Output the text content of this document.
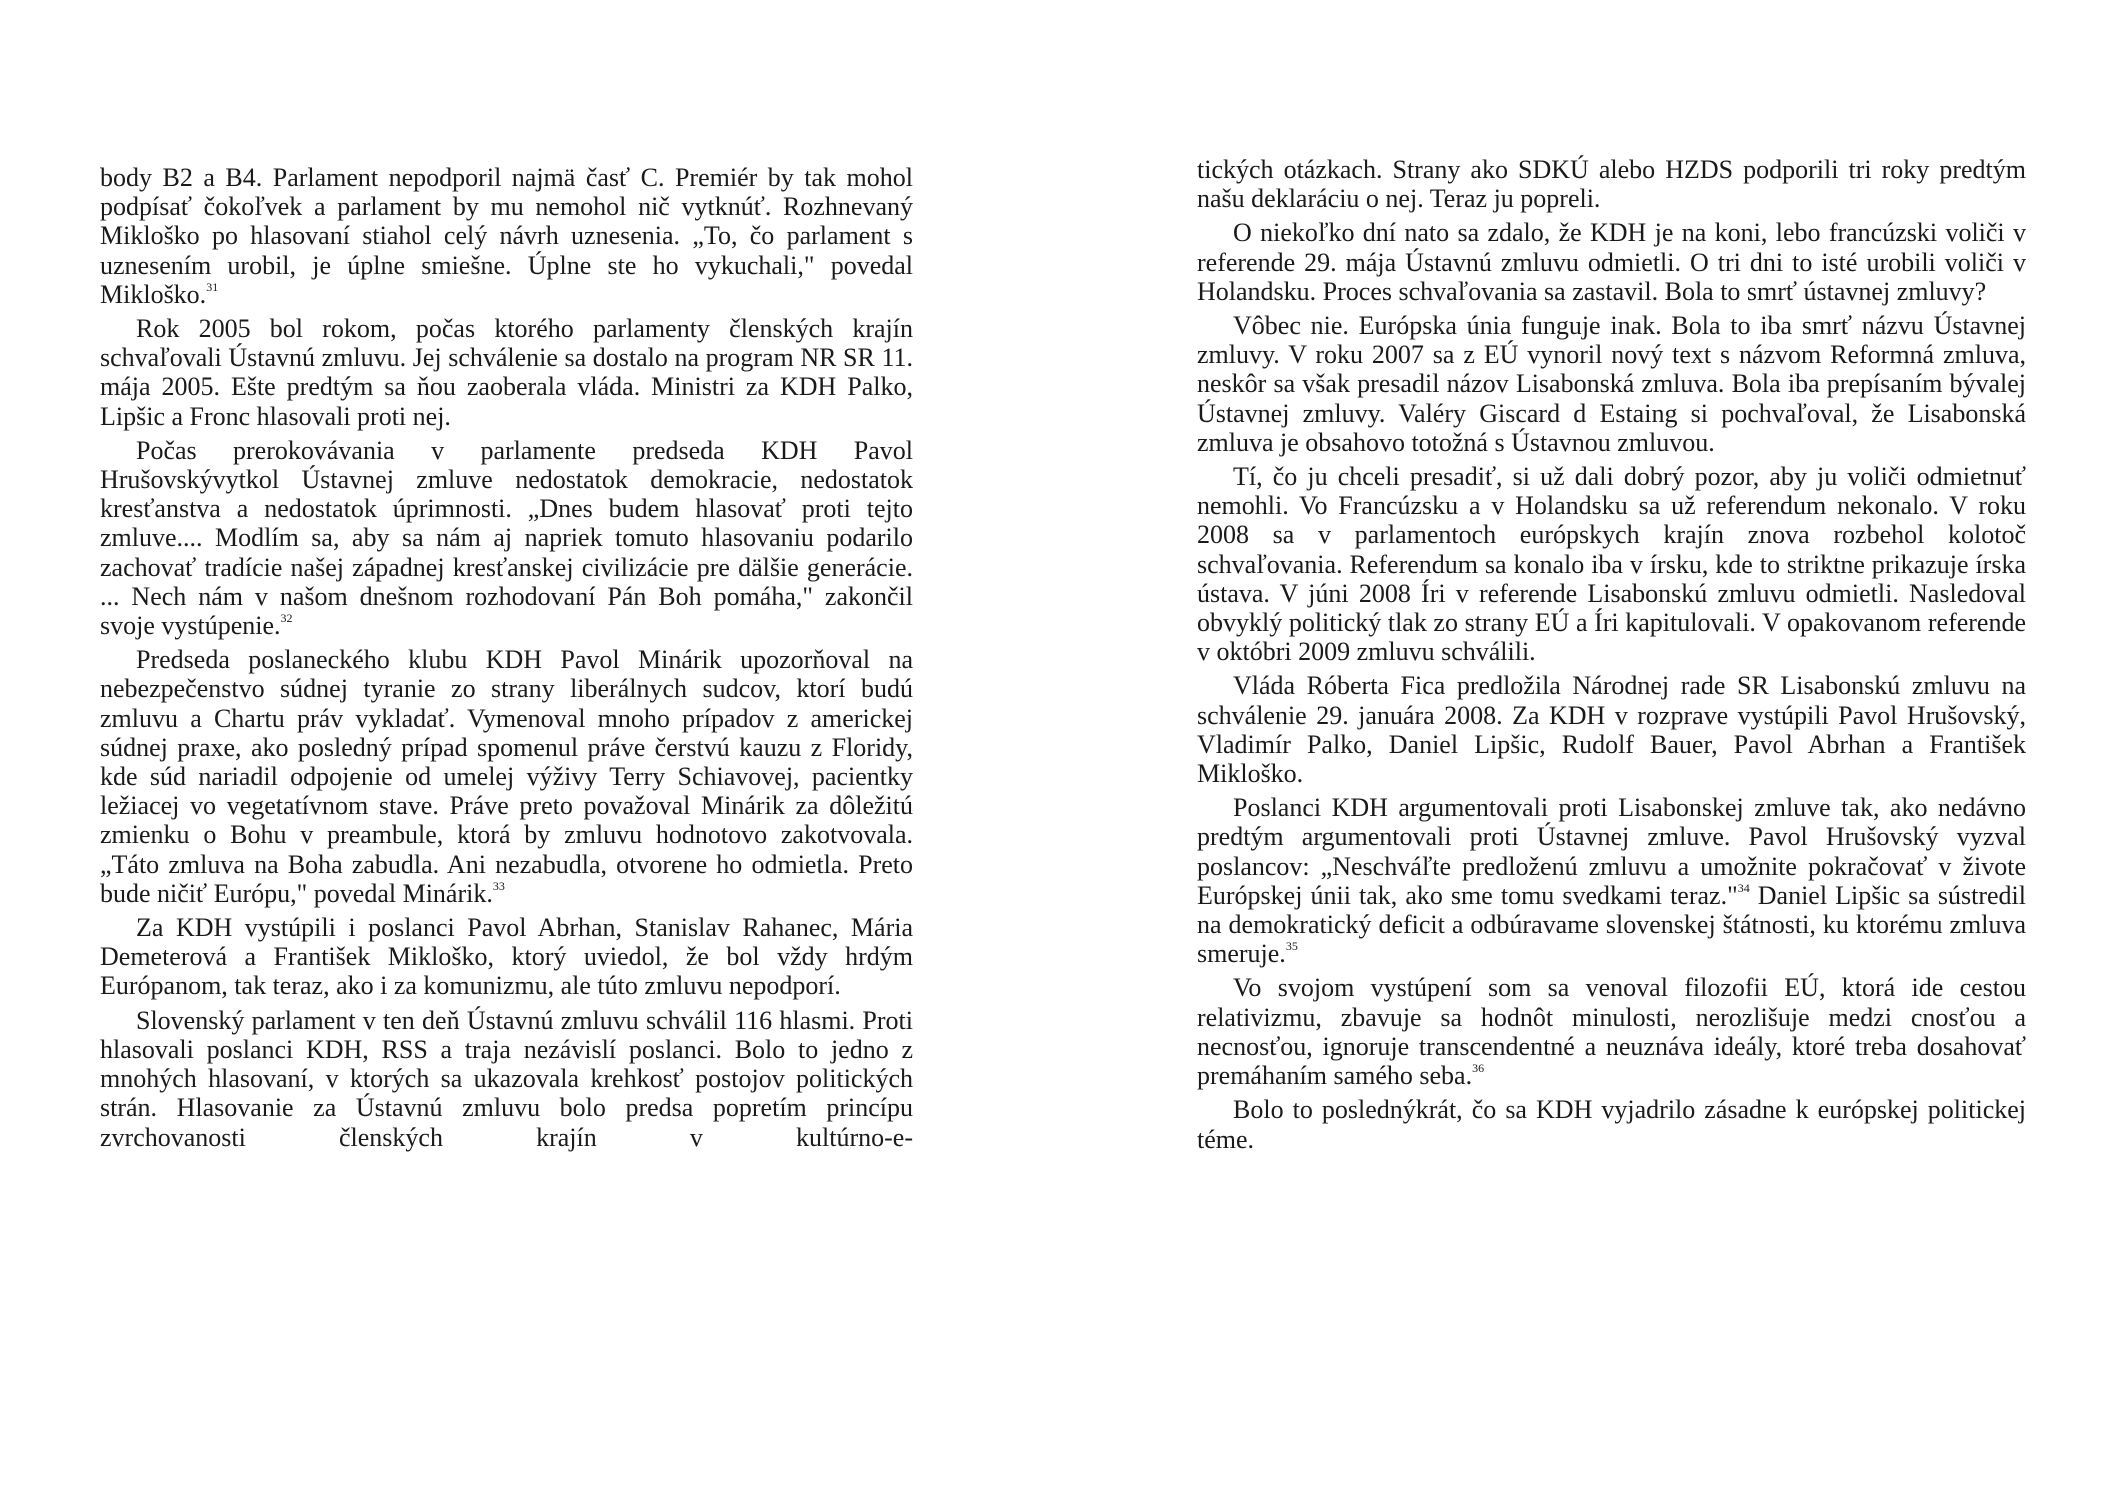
body B2 a B4. Parlament nepodporil najmä časť C. Premiér by tak mohol podpísať čokoľvek a parlament by mu nemohol nič vytknúť. Rozhnevaný Mikloško po hlasovaní stiahol celý návrh uznesenia. „To, čo parlament s uznesením urobil, je úplne smiešne. Úplne ste ho vykuchali," povedal Mikloško.$^{31}$

Rok 2005 bol rokom, počas ktorého parlamenty členských krajín schvaľovali Ústavnú zmluvu. Jej schválenie sa dostalo na program NR SR 11. mája 2005. Ešte predtým sa ňou zaoberala vláda. Ministri za KDH Palko, Lipšic a Fronc hlasovali proti nej.

Počas prerokovávania v parlamente predseda KDH Pavol Hrušovskývytkol Ústavnej zmluve nedostatok demokracie, nedostatok kresťanstva a nedostatok úprimnosti. „Dnes budem hlasovať proti tejto zmluve.... Modlím sa, aby sa nám aj napriek tomuto hlasovaniu podarilo zachovať tradície našej západnej kresťanskej civilizácie pre dälšie generácie. ... Nech nám v našom dnešnom rozhodovaní Pán Boh pomáha," zakončil svoje vystúpenie.$^{32}$

Predseda poslaneckého klubu KDH Pavol Minárik upozorňoval na nebezpečenstvo súdnej tyranie zo strany liberálnych sudcov, ktorí budú zmluvu a Chartu práv vykladať. Vymenoval mnoho prípadov z americkej súdnej praxe, ako posledný prípad spomenul práve čerstvú kauzu z Floridy, kde súd nariadil odpojenie od umelej výživy Terry Schiavovej, pacientky ležiacej vo vegetatívnom stave. Práve preto považoval Minárik za dôležitú zmienku o Bohu v preambule, ktorá by zmluvu hodnotovo zakotvovala. „Táto zmluva na Boha zabudla. Ani nezabudla, otvorene ho odmietla. Preto bude ničiť Európu," povedal Minárik.$^{33}$

Za KDH vystúpili i poslanci Pavol Abrhan, Stanislav Rahanec, Mária Demeterová a František Mikloško, ktorý uviedol, že bol vždy hrdým Európanom, tak teraz, ako i za komunizmu, ale túto zmluvu nepodporí.

Slovenský parlament v ten deň Ústavnú zmluvu schválil 116 hlasmi. Proti hlasovali poslanci KDH, RSS a traja nezávislí poslanci. Bolo to jedno z mnohých hlasovaní, v ktorých sa ukazovala krehkosť postojov politických strán. Hlasovanie za Ústavnú zmluvu bolo predsa popretím princípu zvrchovanosti členských krajín v kultúrno-e-

tických otázkach. Strany ako SDKÚ alebo HZDS podporili tri roky predtým našu deklaráciu o nej. Teraz ju popreli.

O niekoľko dní nato sa zdalo, že KDH je na koni, lebo francúzski voliči v referende 29. mája Ústavnú zmluvu odmietli. O tri dni to isté urobili voliči v Holandsku. Proces schvaľovania sa zastavil. Bola to smrť ústavnej zmluvy?

Vôbec nie. Európska únia funguje inak. Bola to iba smrť názvu Ústavnej zmluvy. V roku 2007 sa z EÚ vynoril nový text s názvom Reformná zmluva, neskôr sa však presadil názov Lisabonská zmluva. Bola iba prepísaním bývalej Ústavnej zmluvy. Valéry Giscard d Estaing si pochvaľoval, že Lisabonská zmluva je obsahovo totožná s Ústavnou zmluvou.

Tí, čo ju chceli presadiť, si už dali dobrý pozor, aby ju voliči odmietnuť nemohli. Vo Francúzsku a v Holandsku sa už referendum nekonalo. V roku 2008 sa v parlamentoch európskych krajín znova rozbehol kolotoč schvaľovania. Referendum sa konalo iba v írsku, kde to striktne prikazuje írska ústava. V júni 2008 Íri v referende Lisabonskú zmluvu odmietli. Nasledoval obvyklý politický tlak zo strany EÚ a Íri kapitulovali. V opakovanom referende v októbri 2009 zmluvu schválili.

Vláda Róberta Fica predložila Národnej rade SR Lisabonskú zmluvu na schválenie 29. januára 2008. Za KDH v rozprave vystúpili Pavol Hrušovský, Vladimír Palko, Daniel Lipšic, Rudolf Bauer, Pavol Abrhan a František Mikloško.

Poslanci KDH argumentovali proti Lisabonskej zmluve tak, ako nedávno predtým argumentovali proti Ústavnej zmluve. Pavol Hrušovský vyzval poslancov: „Neschváľte predloženú zmluvu a umožnite pokračovať v živote Európskej únii tak, ako sme tomu svedkami teraz."$^{34}$ Daniel Lipšic sa sústredil na demokratický deficit a odbúravame slovenskej štátnosti, ku ktorému zmluva smeruje.$^{35}$

Vo svojom vystúpení som sa venoval filozofii EÚ, ktorá ide cestou relativizmu, zbavuje sa hodnôt minulosti, nerozlišuje medzi cnosťou a necnosťou, ignoruje transcendentné a neuznáva ideály, ktoré treba dosahovať premáhaním samého seba.$^{36}$

Bolo to poslednýkrát, čo sa KDH vyjadrilo zásadne k európskej politickej téme.
